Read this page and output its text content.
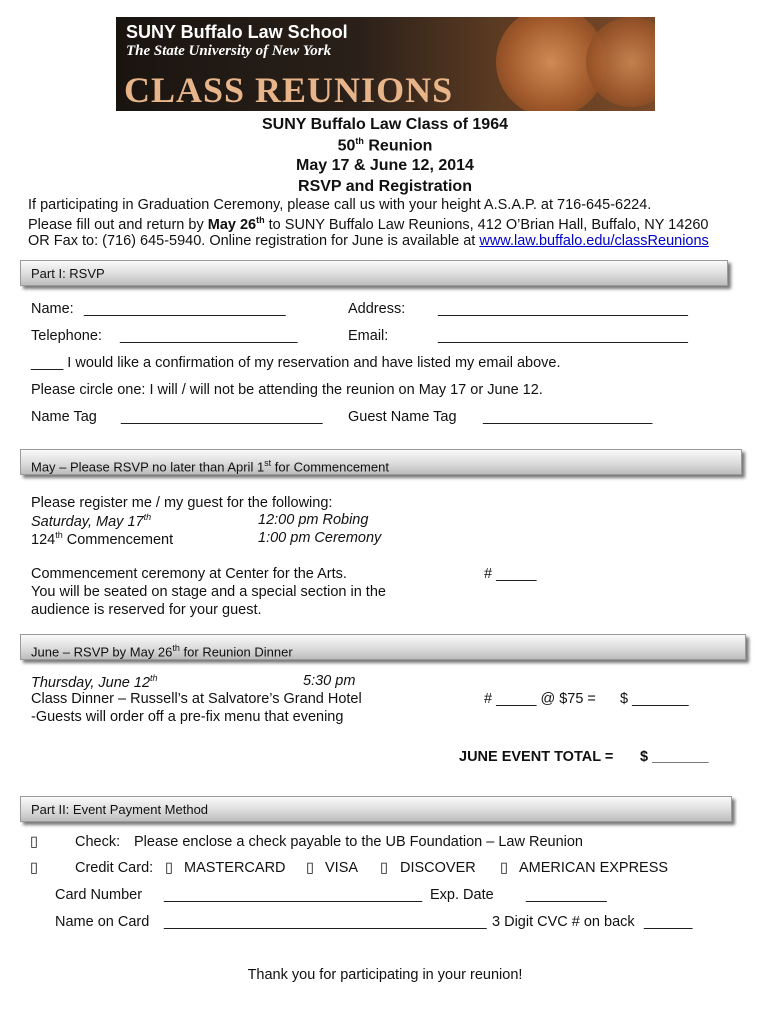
SUNY Buffalo Law School
The State University of New York
CLASS REUNIONS
SUNY Buffalo Law Class of 1964
50th Reunion
May 17 & June 12, 2014
RSVP and Registration
If participating in Graduation Ceremony, please call us with your height A.S.A.P. at 716-645-6224.
Please fill out and return by May 26th to SUNY Buffalo Law Reunions, 412 O’Brian Hall, Buffalo, NY 14260
OR Fax to: (716) 645-5940. Online registration for June is available at www.law.buffalo.edu/classReunions
Part I: RSVP
Name: _________________________	Address: _______________________________
Telephone: ______________________	Email:	_______________________________
____ I would like a confirmation of my reservation and have listed my email above.
Please circle one: I will / will not be attending the reunion on May 17 or June 12.
Name Tag _________________________ Guest Name Tag _____________________
May – Please RSVP no later than April 1st for Commencement
Please register me / my guest for the following:
Saturday, May 17th	12:00 pm Robing
124th Commencement	1:00 pm Ceremony
Commencement ceremony at Center for the Arts.	# _____
You will be seated on stage and a special section in the
audience is reserved for your guest.
June – RSVP by May 26th for Reunion Dinner
Thursday, June 12th	5:30 pm
Class Dinner – Russell’s at Salvatore’s Grand Hotel	# _____ @ $75 = $ _______
-Guests will order off a pre-fix menu that evening
JUNE EVENT TOTAL = $ _______
Part II: Event Payment Method
▯	Check: Please enclose a check payable to the UB Foundation – Law Reunion
▯	Credit Card: ▯ MASTERCARD ▯ VISA ▯ DISCOVER ▯ AMERICAN EXPRESS
Card Number ________________________________ Exp. Date __________
Name on Card ________________________________________ 3 Digit CVC # on back ______
Thank you for participating in your reunion!
